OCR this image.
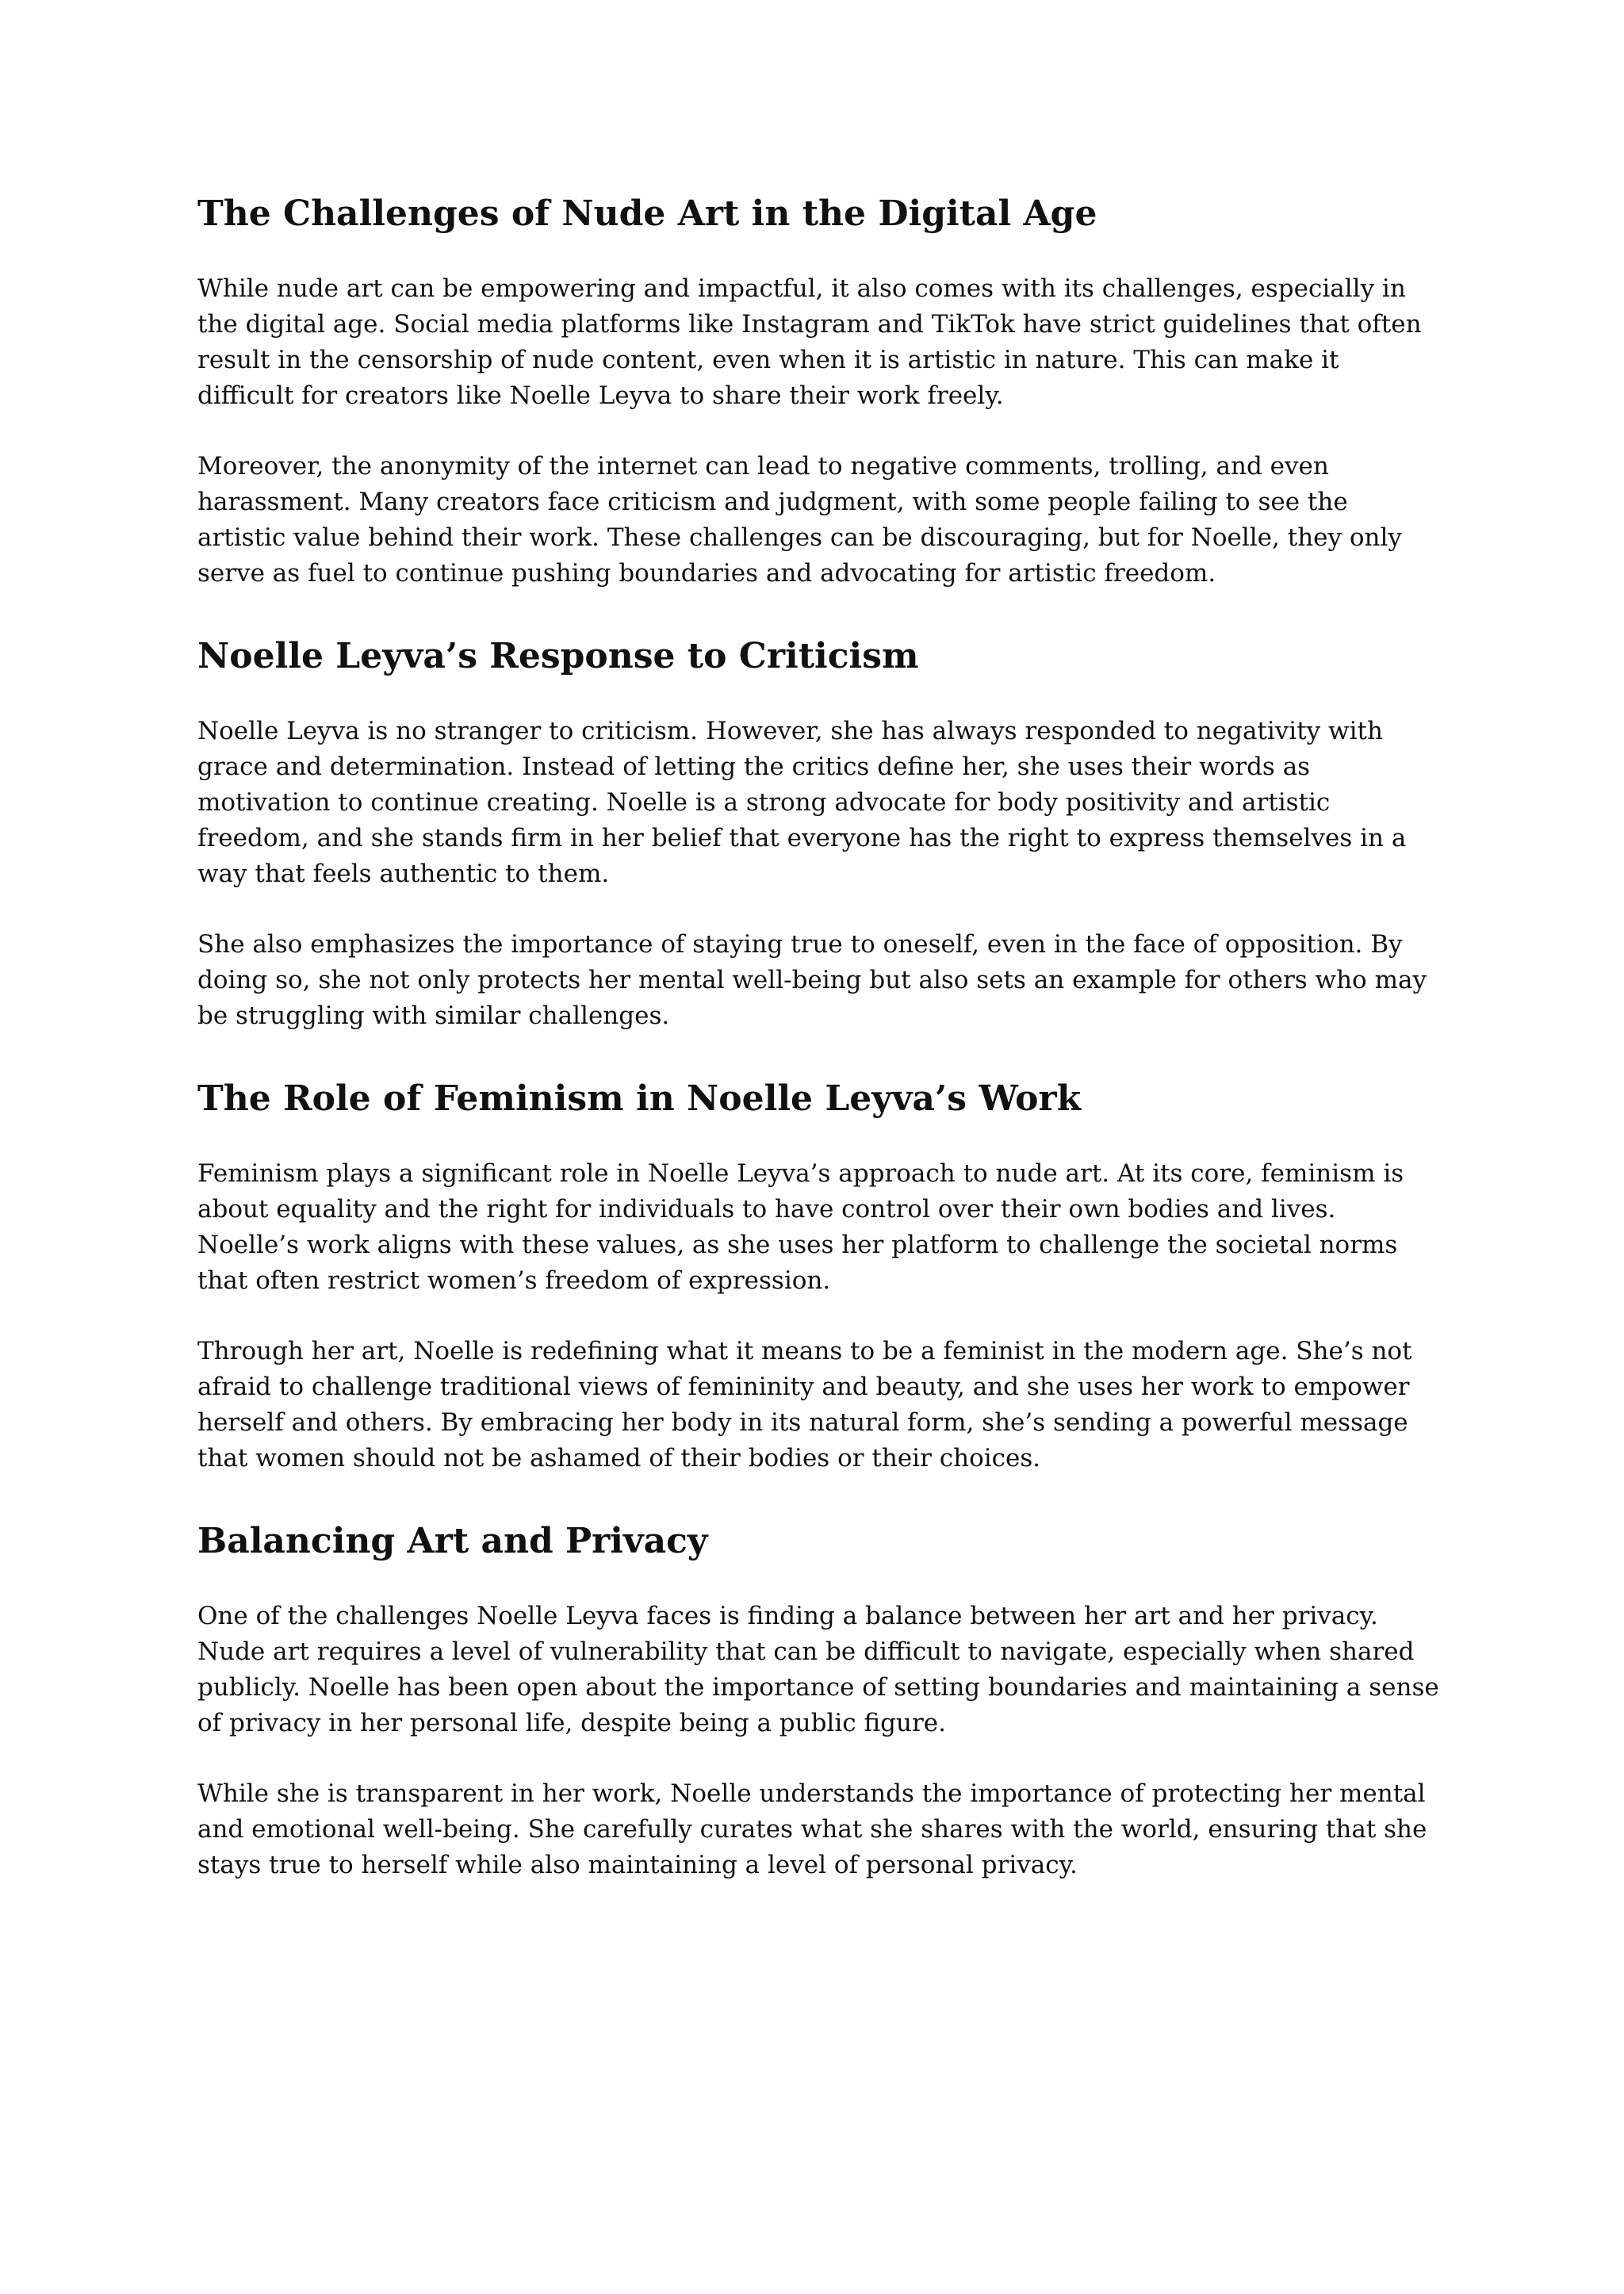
The Challenges of Nude Art in the Digital Age

While nude art can be empowering and impactful, it also comes with its challenges, especially in the digital age. Social media platforms like Instagram and TikTok have strict guidelines that often result in the censorship of nude content, even when it is artistic in nature. This can make it difficult for creators like Noelle Leyva to share their work freely.

Moreover, the anonymity of the internet can lead to negative comments, trolling, and even harassment. Many creators face criticism and judgment, with some people failing to see the artistic value behind their work. These challenges can be discouraging, but for Noelle, they only serve as fuel to continue pushing boundaries and advocating for artistic freedom.

Noelle Leyva’s Response to Criticism

Noelle Leyva is no stranger to criticism. However, she has always responded to negativity with grace and determination. Instead of letting the critics define her, she uses their words as motivation to continue creating. Noelle is a strong advocate for body positivity and artistic freedom, and she stands firm in her belief that everyone has the right to express themselves in a way that feels authentic to them.

She also emphasizes the importance of staying true to oneself, even in the face of opposition. By doing so, she not only protects her mental well-being but also sets an example for others who may be struggling with similar challenges.

The Role of Feminism in Noelle Leyva’s Work

Feminism plays a significant role in Noelle Leyva’s approach to nude art. At its core, feminism is about equality and the right for individuals to have control over their own bodies and lives. Noelle’s work aligns with these values, as she uses her platform to challenge the societal norms that often restrict women’s freedom of expression.

Through her art, Noelle is redefining what it means to be a feminist in the modern age. She’s not afraid to challenge traditional views of femininity and beauty, and she uses her work to empower herself and others. By embracing her body in its natural form, she’s sending a powerful message that women should not be ashamed of their bodies or their choices.

Balancing Art and Privacy

One of the challenges Noelle Leyva faces is finding a balance between her art and her privacy. Nude art requires a level of vulnerability that can be difficult to navigate, especially when shared publicly. Noelle has been open about the importance of setting boundaries and maintaining a sense of privacy in her personal life, despite being a public figure.

While she is transparent in her work, Noelle understands the importance of protecting her mental and emotional well-being. She carefully curates what she shares with the world, ensuring that she stays true to herself while also maintaining a level of personal privacy.
